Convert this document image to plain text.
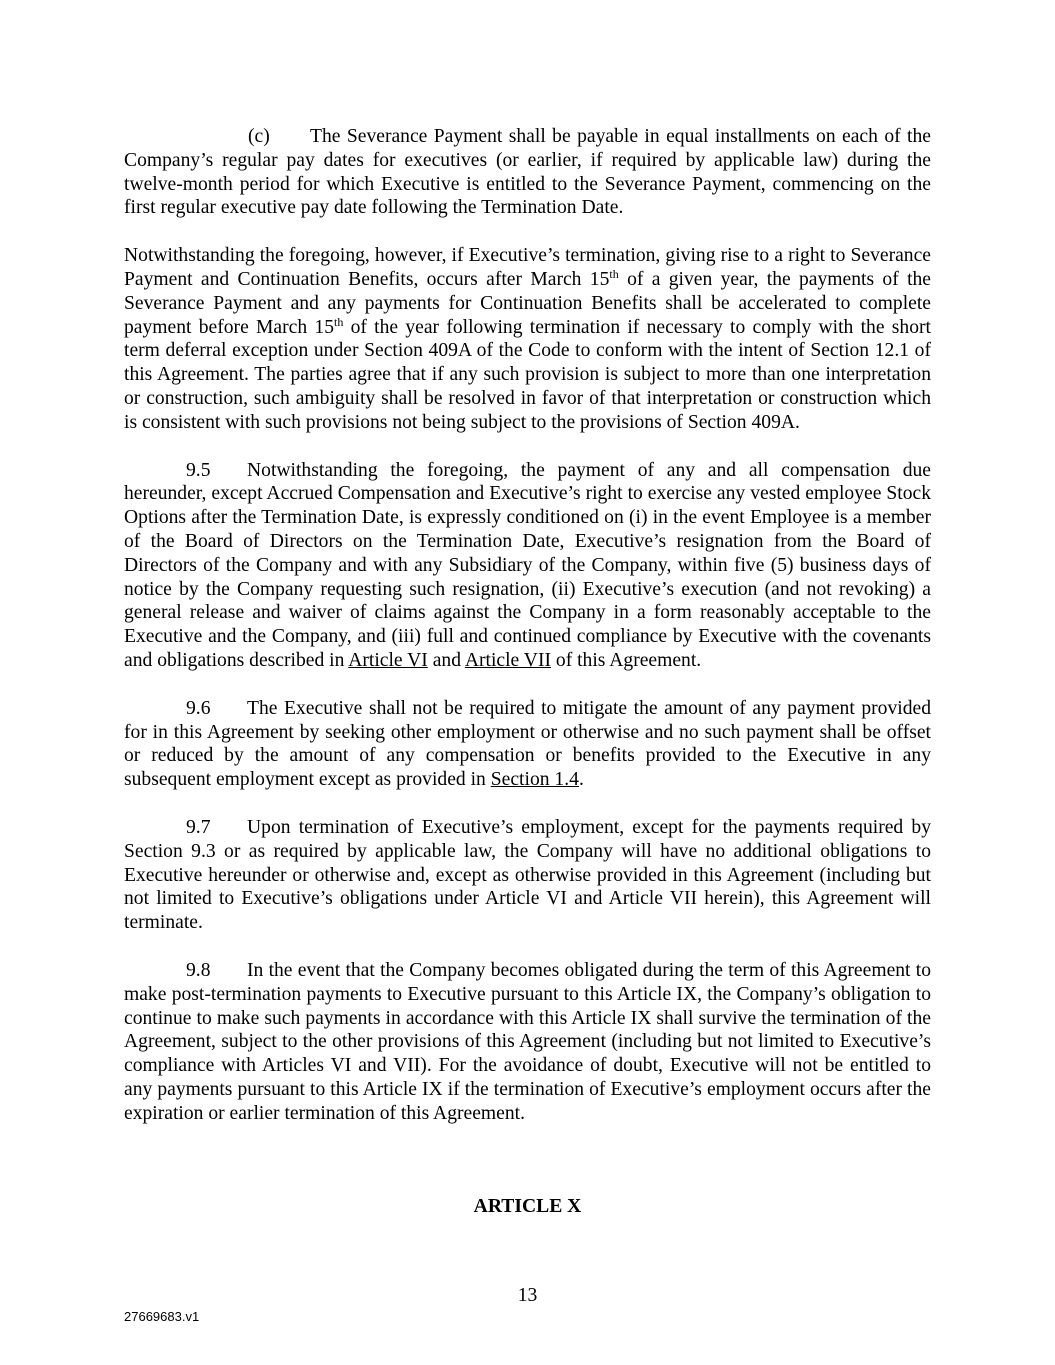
(c) The Severance Payment shall be payable in equal installments on each of the Company’s regular pay dates for executives (or earlier, if required by applicable law) during the twelve-month period for which Executive is entitled to the Severance Payment, commencing on the first regular executive pay date following the Termination Date.

Notwithstanding the foregoing, however, if Executive’s termination, giving rise to a right to Severance Payment and Continuation Benefits, occurs after March 15th of a given year, the payments of the Severance Payment and any payments for Continuation Benefits shall be accelerated to complete payment before March 15th of the year following termination if necessary to comply with the short term deferral exception under Section 409A of the Code to conform with the intent of Section 12.1 of this Agreement. The parties agree that if any such provision is subject to more than one interpretation or construction, such ambiguity shall be resolved in favor of that interpretation or construction which is consistent with such provisions not being subject to the provisions of Section 409A.

9.5 Notwithstanding the foregoing, the payment of any and all compensation due hereunder, except Accrued Compensation and Executive’s right to exercise any vested employee Stock Options after the Termination Date, is expressly conditioned on (i) in the event Employee is a member of the Board of Directors on the Termination Date, Executive’s resignation from the Board of Directors of the Company and with any Subsidiary of the Company, within five (5) business days of notice by the Company requesting such resignation, (ii) Executive’s execution (and not revoking) a general release and waiver of claims against the Company in a form reasonably acceptable to the Executive and the Company, and (iii) full and continued compliance by Executive with the covenants and obligations described in Article VI and Article VII of this Agreement.

9.6 The Executive shall not be required to mitigate the amount of any payment provided for in this Agreement by seeking other employment or otherwise and no such payment shall be offset or reduced by the amount of any compensation or benefits provided to the Executive in any subsequent employment except as provided in Section 1.4.

9.7 Upon termination of Executive’s employment, except for the payments required by Section 9.3 or as required by applicable law, the Company will have no additional obligations to Executive hereunder or otherwise and, except as otherwise provided in this Agreement (including but not limited to Executive’s obligations under Article VI and Article VII herein), this Agreement will terminate.

9.8 In the event that the Company becomes obligated during the term of this Agreement to make post-termination payments to Executive pursuant to this Article IX, the Company’s obligation to continue to make such payments in accordance with this Article IX shall survive the termination of the Agreement, subject to the other provisions of this Agreement (including but not limited to Executive’s compliance with Articles VI and VII). For the avoidance of doubt, Executive will not be entitled to any payments pursuant to this Article IX if the termination of Executive’s employment occurs after the expiration or earlier termination of this Agreement.

ARTICLE X
13
27669683.v1
